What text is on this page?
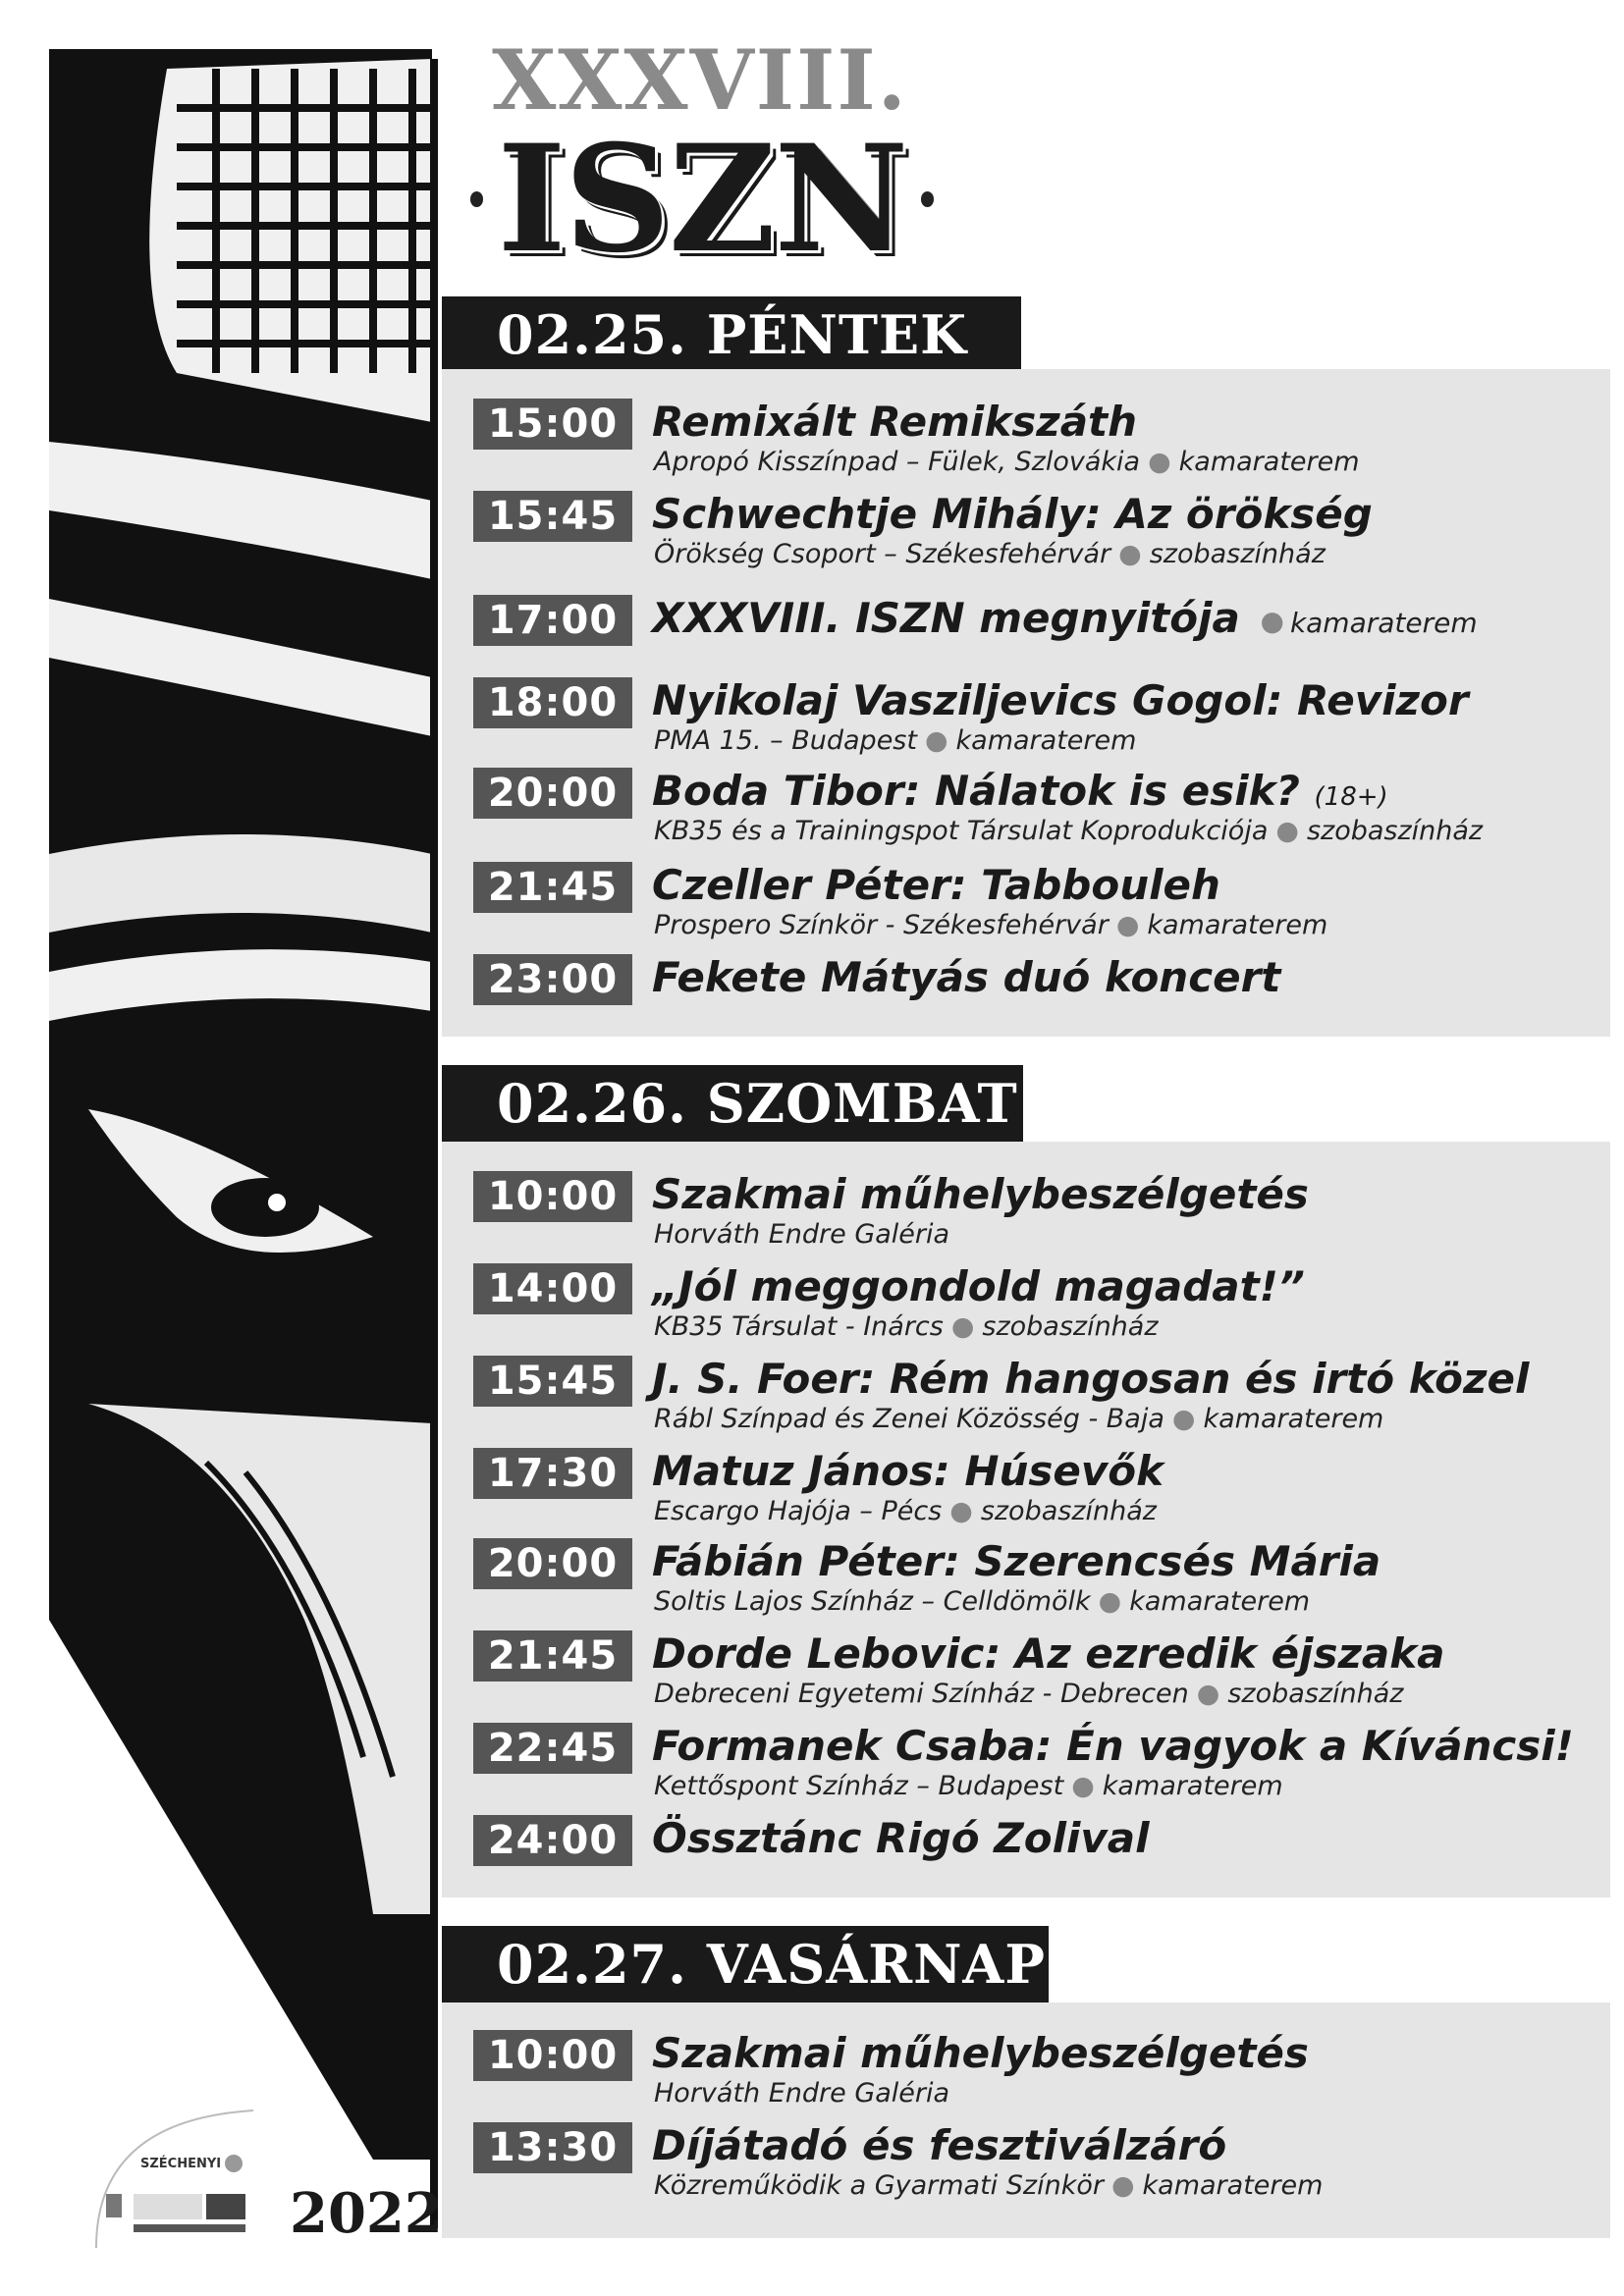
XXXVIII.
ISZN
02.25. PÉNTEK
15:00 Remixált Remikszáth
Apropó Kisszínpad – Fülek, Szlovákia ● kamaraterem
15:45 Schwechtje Mihály: Az örökség
Örökség Csoport – Székesfehérvár ● szobaszínház
17:00 XXXVIII. ISZN megnyitója ● kamaraterem
18:00 Nyikolaj Vasziljevics Gogol: Revizor
PMA 15. – Budapest ● kamaraterem
20:00 Boda Tibor: Nálatok is esik? (18+)
KB35 és a Trainingspot Társulat Koprodukciója ● szobaszínház
21:45 Czeller Péter: Tabbouleh
Prospero Színkör - Székesfehérvár ● kamaraterem
23:00 Fekete Mátyás duó koncert
02.26. SZOMBAT
10:00 Szakmai műhelybeszélgetés
Horváth Endre Galéria
14:00 „Jól meggondold magadat!”
KB35 Társulat - Inárcs ● szobaszínház
15:45 J. S. Foer: Rém hangosan és irtó közel
Rábl Színpad és Zenei Közösség - Baja ● kamaraterem
17:30 Matuz János: Húsevők
Escargo Hajója – Pécs ● szobaszínház
20:00 Fábián Péter: Szerencsés Mária
Soltis Lajos Színház – Celldömölk ● kamaraterem
21:45 Dorde Lebovic: Az ezredik éjszaka
Debreceni Egyetemi Színház - Debrecen ● szobaszínház
22:45 Formanek Csaba: Én vagyok a Kíváncsi!
Kettőspont Színház – Budapest ● kamaraterem
24:00 Össztánc Rigó Zolival
02.27. VASÁRNAP
10:00 Szakmai műhelybeszélgetés
Horváth Endre Galéria
13:30 Díjátadó és fesztiválzáró
Közreműködik a Gyarmati Színkör ● kamaraterem
SZÉCHENYI
2022
